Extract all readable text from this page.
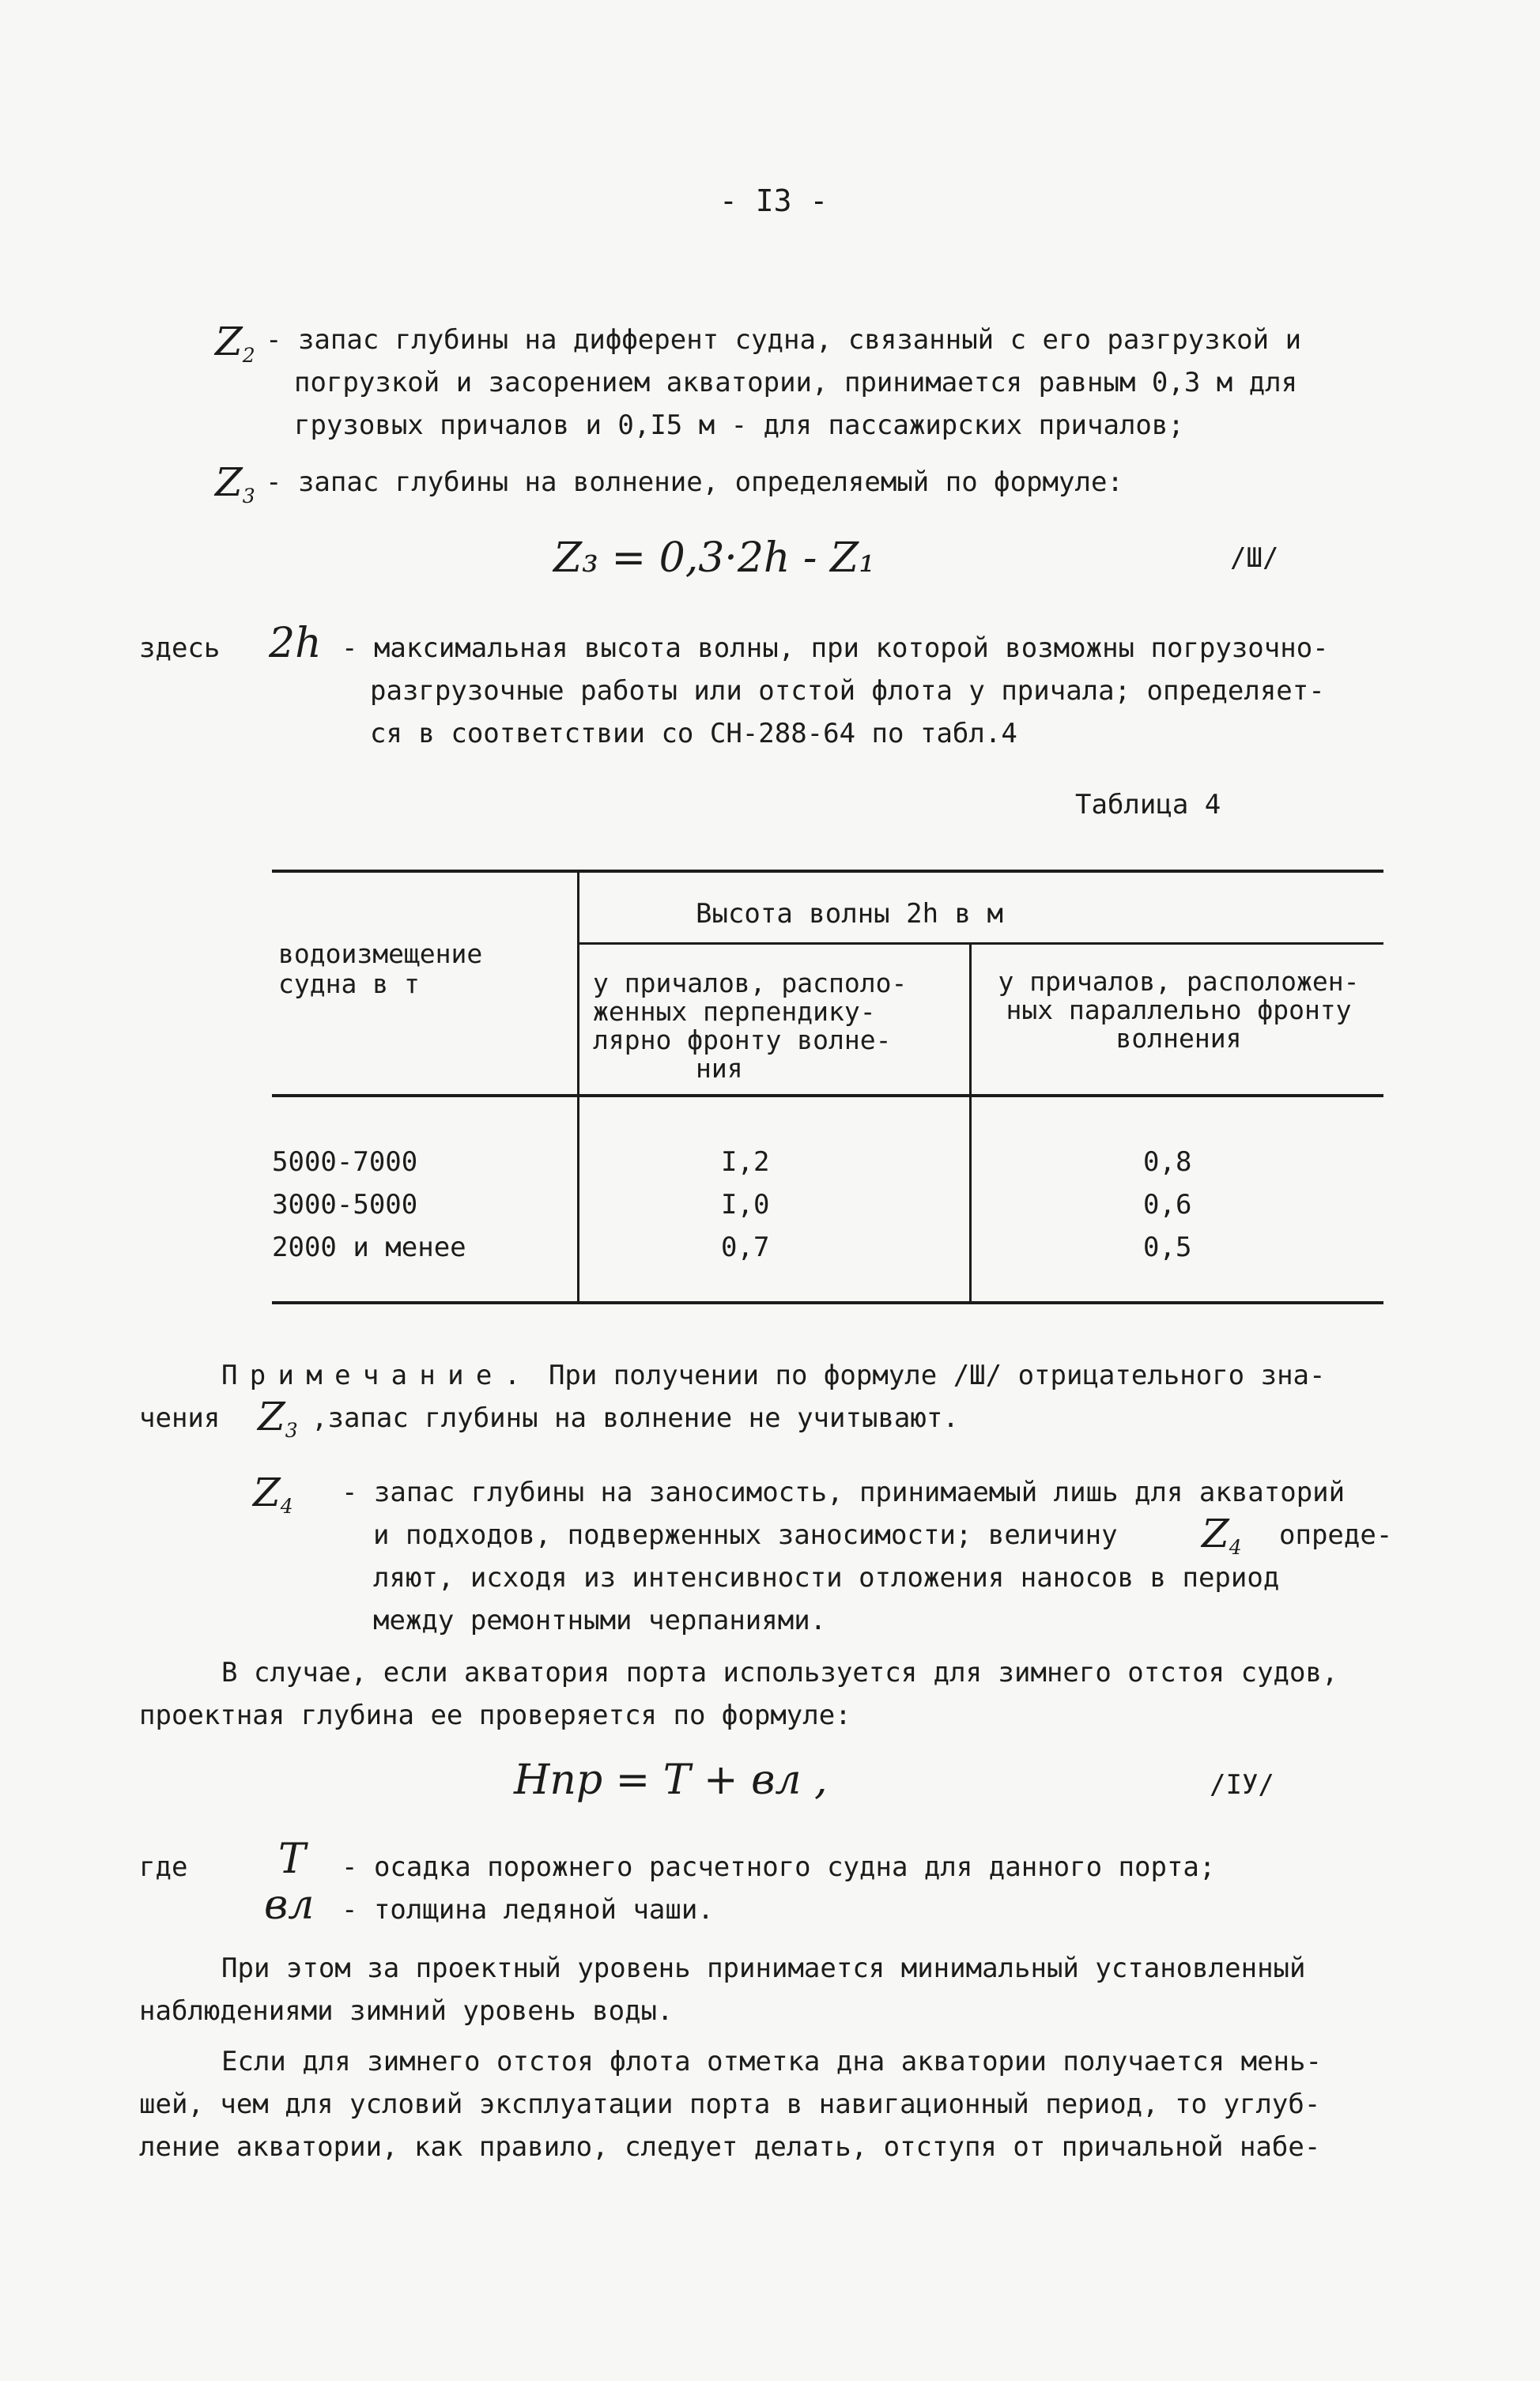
- I3 -
$Z_2$ - запас глубины на дифферент судна, связанный с его разгрузкой и
погрузкой и засорением акватории, принимается равным 0,3 м для
грузовых причалов и 0,I5 м - для пассажирских причалов;
$Z_3$ - запас глубины на волнение, определяемый по формуле:
Z₃ = 0,3·2h - Z₁	/Ш/
здесь 2h - максимальная высота волны, при которой возможны погрузочно-
разгрузочные работы или отстой флота у причала; определяет-
ся в соответствии со СН-288-64 по табл.4
Таблица 4
водоизмещение
судна в т
Высота волны 2h в м
у причалов, располо-
женных перпендику-
лярно фронту волне-
ния
у причалов, расположен-
ных параллельно фронту
волнения
5000-7000	I,2	0,8
3000-5000	I,0	0,6
2000 и менее	0,7	0,5
Примечание. При получении по формуле /Ш/ отрицательного зна-
чения $Z_3$ ,запас глубины на волнение не учитывают.
$Z_4$ - запас глубины на заносимость, принимаемый лишь для акваторий
и подходов, подверженных заносимости; величину $Z_4$ опреде-
ляют, исходя из интенсивности отложения наносов в период
между ремонтными черпаниями.
В случае, если акватория порта используется для зимнего отстоя судов,
проектная глубина ее проверяется по формуле:
Hпр = T + вл ,	/IУ/
где T - осадка порожнего расчетного судна для данного порта;
вл - толщина ледяной чаши.
При этом за проектный уровень принимается минимальный установленный
наблюдениями зимний уровень воды.
Если для зимнего отстоя флота отметка дна акватории получается мень-
шей, чем для условий эксплуатации порта в навигационный период, то углуб-
ление акватории, как правило, следует делать, отступя от причальной набе-
